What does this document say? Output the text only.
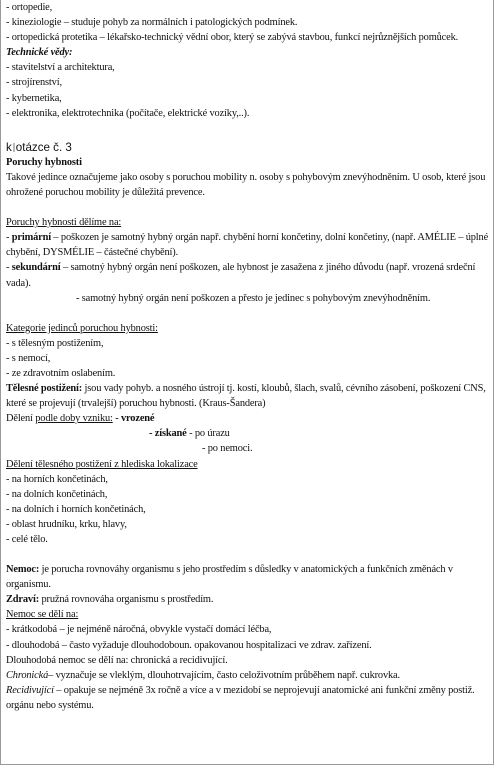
- ortopedie,
- kineziologie – studuje pohyb za normálních i patologických podmínek.
- ortopedická protetika – lékařsko-technický vědní obor, který se zabývá stavbou, funkcí nejrůznějších pomůcek.
Technické vědy:
- stavitelství a architektura,
- strojírenství,
- kybernetika,
- elektronika, elektrotechnika (počítače, elektrické vozíky,..).
k otázce č. 3
Poruchy hybnosti
Takové jedince označujeme jako osoby s poruchou mobility n. osoby s pohybovým znevýhodněním. U osob, které jsou ohrožené poruchou mobility je důležitá prevence.
Poruchy hybnosti dělíme na:
- primární – poškozen je samotný hybný orgán např. chybění horní končetiny, dolní končetiny, (např. AMÉLIE – úplné chybění, DYSMÉLIE – částečné chybění).
- sekundární – samotný hybný orgán není poškozen, ale hybnost je zasažena z jiného důvodu (např. vrozená srdeční vada).
- samotný hybný orgán není poškozen a přesto je jedinec s pohybovým znevýhodněním.
Kategorie jedinců poruchou hybnosti:
- s tělesným postižením,
- s nemocí,
- ze zdravotním oslabením.
Tělesné postižení: jsou vady pohyb. a nosného ústrojí tj. kostí, kloubů, šlach, svalů, cévního zásobení, poškození CNS, které se projevují (trvalejší) poruchou hybnosti. (Kraus-Šandera)
Dělení podle doby vzniku: - vrozené
- získané - po úrazu
- po nemoci.
Dělení tělesného postižení z hlediska lokalizace
- na horních končetinách,
- na dolních končetinách,
- na dolních i horních končetinách,
- oblast hrudníku, krku, hlavy,
- celé tělo.
Nemoc: je porucha rovnováhy organismu s jeho prostředím s důsledky v anatomických a funkčních změnách v organismu.
Zdraví: pružná rovnováha organismu s prostředím.
Nemoc se dělí na:
- krátkodobá – je nejméně náročná, obvykle vystačí domácí léčba,
- dlouhodobá – často vyžaduje dlouhodoboun. opakovanou hospitalizaci ve zdrav. zařízení.
Dlouhodobá nemoc se dělí na: chronická a recidivující.
Chronická– vyznačuje se vleklým, dlouhotrvajícím, často celoživotním průběhem např. cukrovka.
Recidivující – opakuje se nejméně 3x ročně a více a v mezidobí se neprojevují anatomické ani funkční změny postiž. orgánu nebo systému.
